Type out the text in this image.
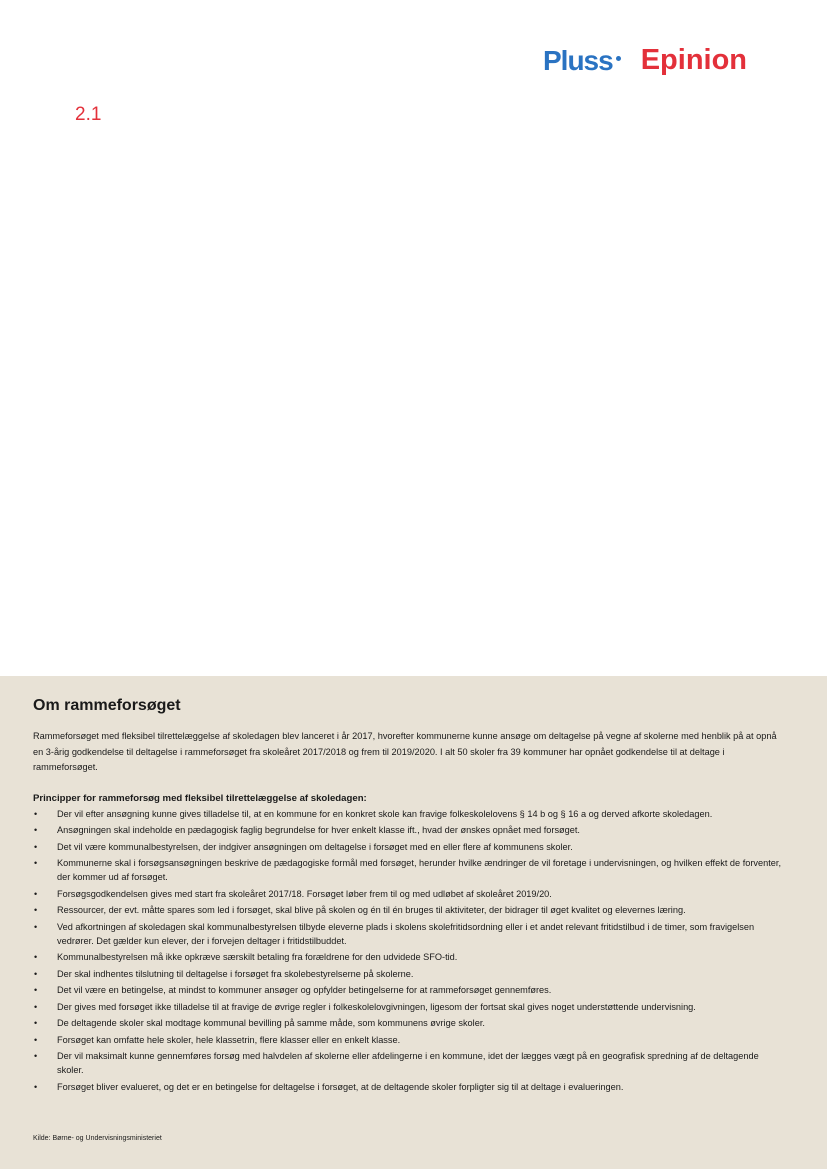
Pluss Epinion
2.1
Om rammeforsøget

Rammeforsøget med fleksibel tilrettelæggelse af skoledagen blev lanceret i år 2017, hvorefter kommunerne kunne ansøge om deltagelse på vegne af skolerne med henblik på at opnå en 3-årig godkendelse til deltagelse i rammeforsøget fra skoleåret 2017/2018 og frem til 2019/2020. I alt 50 skoler fra 39 kommuner har opnået godkendelse til at deltage i rammeforsøget.

Principper for rammeforsøg med fleksibel tilrettelæggelse af skoledagen:

• Der vil efter ansøgning kunne gives tilladelse til, at en kommune for en konkret skole kan fravige folkeskolelovens § 14 b og § 16 a og derved afkorte skoledagen.
• Ansøgningen skal indeholde en pædagogisk faglig begrundelse for hver enkelt klasse ift., hvad der ønskes opnået med forsøget.
• Det vil være kommunalbestyrelsen, der indgiver ansøgningen om deltagelse i forsøget med en eller flere af kommunens skoler.
• Kommunerne skal i forsøgsansøgningen beskrive de pædagogiske formål med forsøget, herunder hvilke ændringer de vil foretage i undervisningen, og hvilken effekt de forventer, der kommer ud af forsøget.
• Forsøgsgodkendelsen gives med start fra skoleåret 2017/18. Forsøget løber frem til og med udløbet af skoleåret 2019/20.
• Ressourcer, der evt. måtte spares som led i forsøget, skal blive på skolen og én til én bruges til aktiviteter, der bidrager til øget kvalitet og elevernes læring.
• Ved afkortningen af skoledagen skal kommunalbestyrelsen tilbyde eleverne plads i skolens skolefritidsordning eller i et andet relevant fritidstilbud i de timer, som fravigelsen vedrører. Det gælder kun elever, der i forvejen deltager i fritidstilbuddet.
• Kommunalbestyrelsen må ikke opkræve særskilt betaling fra forældrene for den udvidede SFO-tid.
• Der skal indhentes tilslutning til deltagelse i forsøget fra skolebestyrelserne på skolerne.
• Det vil være en betingelse, at mindst to kommuner ansøger og opfylder betingelserne for at rammeforsøget gennemføres.
• Der gives med forsøget ikke tilladelse til at fravige de øvrige regler i folkeskolelovgivningen, ligesom der fortsat skal gives noget understøttende undervisning.
• De deltagende skoler skal modtage kommunal bevilling på samme måde, som kommunens øvrige skoler.
• Forsøget kan omfatte hele skoler, hele klassetrin, flere klasser eller en enkelt klasse.
• Der vil maksimalt kunne gennemføres forsøg med halvdelen af skolerne eller afdelingerne i en kommune, idet der lægges vægt på en geografisk spredning af de deltagende skoler.
• Forsøget bliver evalueret, og det er en betingelse for deltagelse i forsøget, at de deltagende skoler forpligter sig til at deltage i evalueringen.
Kilde: Børne- og Undervisningsministeriet
